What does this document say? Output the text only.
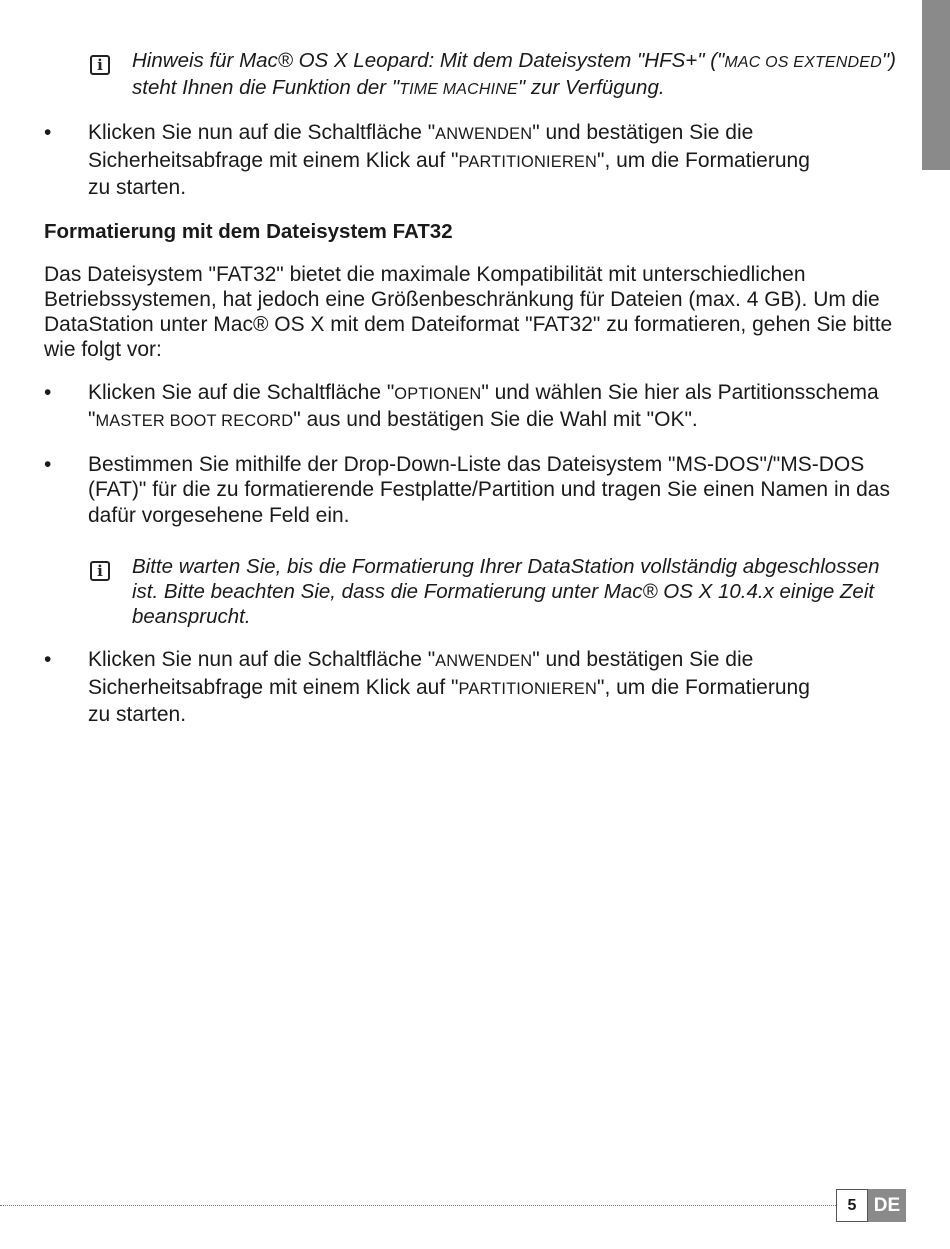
i	Hinweis für Mac® OS X Leopard: Mit dem Dateisystem "HFS+" ("MAC OS EXTENDED")
steht Ihnen die Funktion der "TIME MACHINE" zur Verfügung.

• Klicken Sie nun auf die Schaltfläche "ANWENDEN" und bestätigen Sie die
Sicherheitsabfrage mit einem Klick auf "PARTITIONIEREN", um die Formatierung
zu starten.

Formatierung mit dem Dateisystem FAT32

Das Dateisystem "FAT32" bietet die maximale Kompatibilität mit unterschiedlichen Betriebssystemen, hat jedoch eine Größenbeschränkung für Dateien (max. 4 GB). Um die DataStation unter Mac® OS X mit dem Dateiformat "FAT32" zu formatieren, gehen Sie bitte wie folgt vor:

• Klicken Sie auf die Schaltfläche "OPTIONEN" und wählen Sie hier als Partitionsschema
"MASTER BOOT RECORD" aus und bestätigen Sie die Wahl mit "OK".

• Bestimmen Sie mithilfe der Drop-Down-Liste das Dateisystem "MS-DOS"/"MS-DOS (FAT)" für die zu formatierende Festplatte/Partition und tragen Sie einen Namen in das dafür vorgesehene Feld ein.

i	Bitte warten Sie, bis die Formatierung Ihrer DataStation vollständig abgeschlossen ist. Bitte beachten Sie, dass die Formatierung unter Mac® OS X 10.4.x einige Zeit beansprucht.

• Klicken Sie nun auf die Schaltfläche "ANWENDEN" und bestätigen Sie die
Sicherheitsabfrage mit einem Klick auf "PARTITIONIEREN", um die Formatierung
zu starten.

5 DE
